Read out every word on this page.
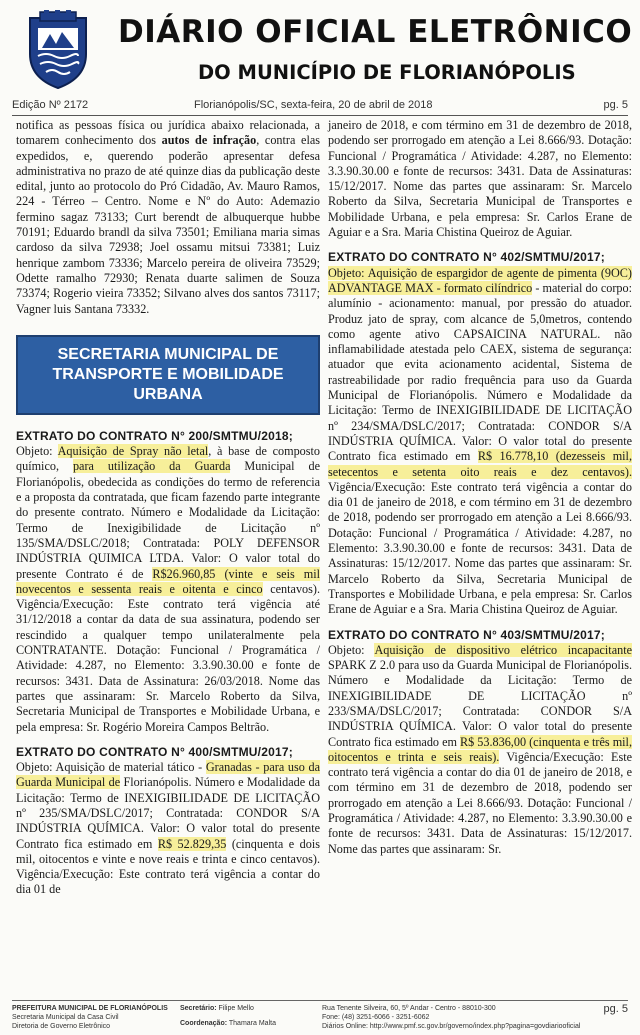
DIÁRIO OFICIAL ELETRÔNICO
DO MUNICÍPIO DE FLORIANÓPOLIS
Edição Nº 2172	Florianópolis/SC, sexta-feira, 20 de abril de 2018	pg. 5

notifica as pessoas física ou jurídica abaixo relacionada, a tomarem conhecimento dos autos de infração, contra elas expedidos, e, querendo poderão apresentar defesa administrativa no prazo de até quinze dias da publicação deste edital, junto ao protocolo do Pró Cidadão, Av. Mauro Ramos, 224 - Térreo – Centro. Nome e Nº do Auto: Ademazio fermino sagaz 73133; Curt berendt de albuquerque hubbe 70191; Eduardo brandl da silva 73501; Emiliana maria simas cardoso da silva 72938; Joel ossamu mitsui 73381; Luiz henrique zambom 73336; Marcelo pereira de oliveira 73529; Odette ramalho 72930; Renata duarte salimen de Souza 73374; Rogerio vieira 73352; Silvano alves dos santos 73117; Vagner luis Santana 73332.

SECRETARIA MUNICIPAL DE TRANSPORTE E MOBILIDADE URBANA
EXTRATO DO CONTRATO N° 200/SMTMU/2018;

Objeto: Aquisição de Spray não letal, à base de composto químico, para utilização da Guarda Municipal de Florianópolis, obedecida as condições do termo de referencia e a proposta da contratada, que ficam fazendo parte integrante do presente contrato. Número e Modalidade da Licitação: Termo de Inexigibilidade de Licitação nº 135/SMA/DSLC/2018; Contratada: POLY DEFENSOR INDÚSTRIA QUIMICA LTDA. Valor: O valor total do presente Contrato é de R$26.960,85 (vinte e seis mil novecentos e sessenta reais e oitenta e cinco centavos). Vigência/Execução: Este contrato terá vigência até 31/12/2018 a contar da data de sua assinatura, podendo ser rescindido a qualquer tempo unilateralmente pela CONTRATANTE. Dotação: Funcional / Programática / Atividade: 4.287, no Elemento: 3.3.90.30.00 e fonte de recursos: 3431. Data de Assinatura: 26/03/2018. Nome das partes que assinaram: Sr. Marcelo Roberto da Silva, Secretaria Municipal de Transportes e Mobilidade Urbana, e pela empresa: Sr. Rogério Moreira Campos Beltrão.

EXTRATO DO CONTRATO N° 400/SMTMU/2017;

Objeto: Aquisição de material tático - Granadas - para uso da Guarda Municipal de Florianópolis. Número e Modalidade da Licitação: Termo de INEXIGIBILIDADE DE LICITAÇÃO nº 235/SMA/DSLC/2017; Contratada: CONDOR S/A INDÚSTRIA QUÍMICA. Valor: O valor total do presente Contrato fica estimado em R$ 52.829,35 (cinquenta e dois mil, oitocentos e vinte e nove reais e trinta e cinco centavos). Vigência/Execução: Este contrato terá vigência a contar do dia 01 de

janeiro de 2018, e com término em 31 de dezembro de 2018, podendo ser prorrogado em atenção a Lei 8.666/93. Dotação: Funcional / Programática / Atividade: 4.287, no Elemento: 3.3.90.30.00 e fonte de recursos: 3431. Data de Assinaturas: 15/12/2017. Nome das partes que assinaram: Sr. Marcelo Roberto da Silva, Secretaria Municipal de Transportes e Mobilidade Urbana, e pela empresa: Sr. Carlos Erane de Aguiar e a Sra. Maria Chistina Queiroz de Aguiar.

EXTRATO DO CONTRATO N° 402/SMTMU/2017;

Objeto: Aquisição de espargidor de agente de pimenta (9OC) ADVANTAGE MAX - formato cilíndrico - material do corpo: alumínio - acionamento: manual, por pressão do atuador. Produz jato de spray, com alcance de 5,0metros, contendo como agente ativo CAPSAICINA NATURAL. não inflamabilidade atestada pelo CAEX, sistema de segurança: atuador que evita acionamento acidental, Sistema de rastreabilidade por radio frequência para uso da Guarda Municipal de Florianópolis. Número e Modalidade da Licitação: Termo de INEXIGIBILIDADE DE LICITAÇÃO nº 234/SMA/DSLC/2017; Contratada: CONDOR S/A INDÚSTRIA QUÍMICA. Valor: O valor total do presente Contrato fica estimado em R$ 16.778,10 (dezesseis mil, setecentos e setenta oito reais e dez centavos). Vigência/Execução: Este contrato terá vigência a contar do dia 01 de janeiro de 2018, e com término em 31 de dezembro de 2018, podendo ser prorrogado em atenção a Lei 8.666/93. Dotação: Funcional / Programática / Atividade: 4.287, no Elemento: 3.3.90.30.00 e fonte de recursos: 3431. Data de Assinaturas: 15/12/2017. Nome das partes que assinaram: Sr. Marcelo Roberto da Silva, Secretaria Municipal de Transportes e Mobilidade Urbana, e pela empresa: Sr. Carlos Erane de Aguiar e a Sra. Maria Chistina Queiroz de Aguiar.

EXTRATO DO CONTRATO N° 403/SMTMU/2017;

Objeto: Aquisição de dispositivo elétrico incapacitante SPARK Z 2.0 para uso da Guarda Municipal de Florianópolis. Número e Modalidade da Licitação: Termo de INEXIGIBILIDADE DE LICITAÇÃO nº 233/SMA/DSLC/2017; Contratada: CONDOR S/A INDÚSTRIA QUÍMICA. Valor: O valor total do presente Contrato fica estimado em R$ 53.836,00 (cinquenta e três mil, oitocentos e trinta e seis reais). Vigência/Execução: Este contrato terá vigência a contar do dia 01 de janeiro de 2018, e com término em 31 de dezembro de 2018, podendo ser prorrogado em atenção a Lei 8.666/93. Dotação: Funcional / Programática / Atividade: 4.287, no Elemento: 3.3.90.30.00 e fonte de recursos: 3431. Data de Assinaturas: 15/12/2017. Nome das partes que assinaram: Sr.

PREFEITURA MUNICIPAL DE FLORIANÓPOLIS
Secretaria Municipal da Casa Civil
Diretoria de Governo Eletrônico
Secretário: Filipe Mello
Coordenação: Thamara Malta
Rua Tenente Silveira, 60, 5º Andar - Centro - 88010-300
Fone: (48) 3251-6066 - 3251-6062
Diários Online: http://www.pmf.sc.gov.br/governo/index.php?pagina=govdiariooficial
pg. 5
